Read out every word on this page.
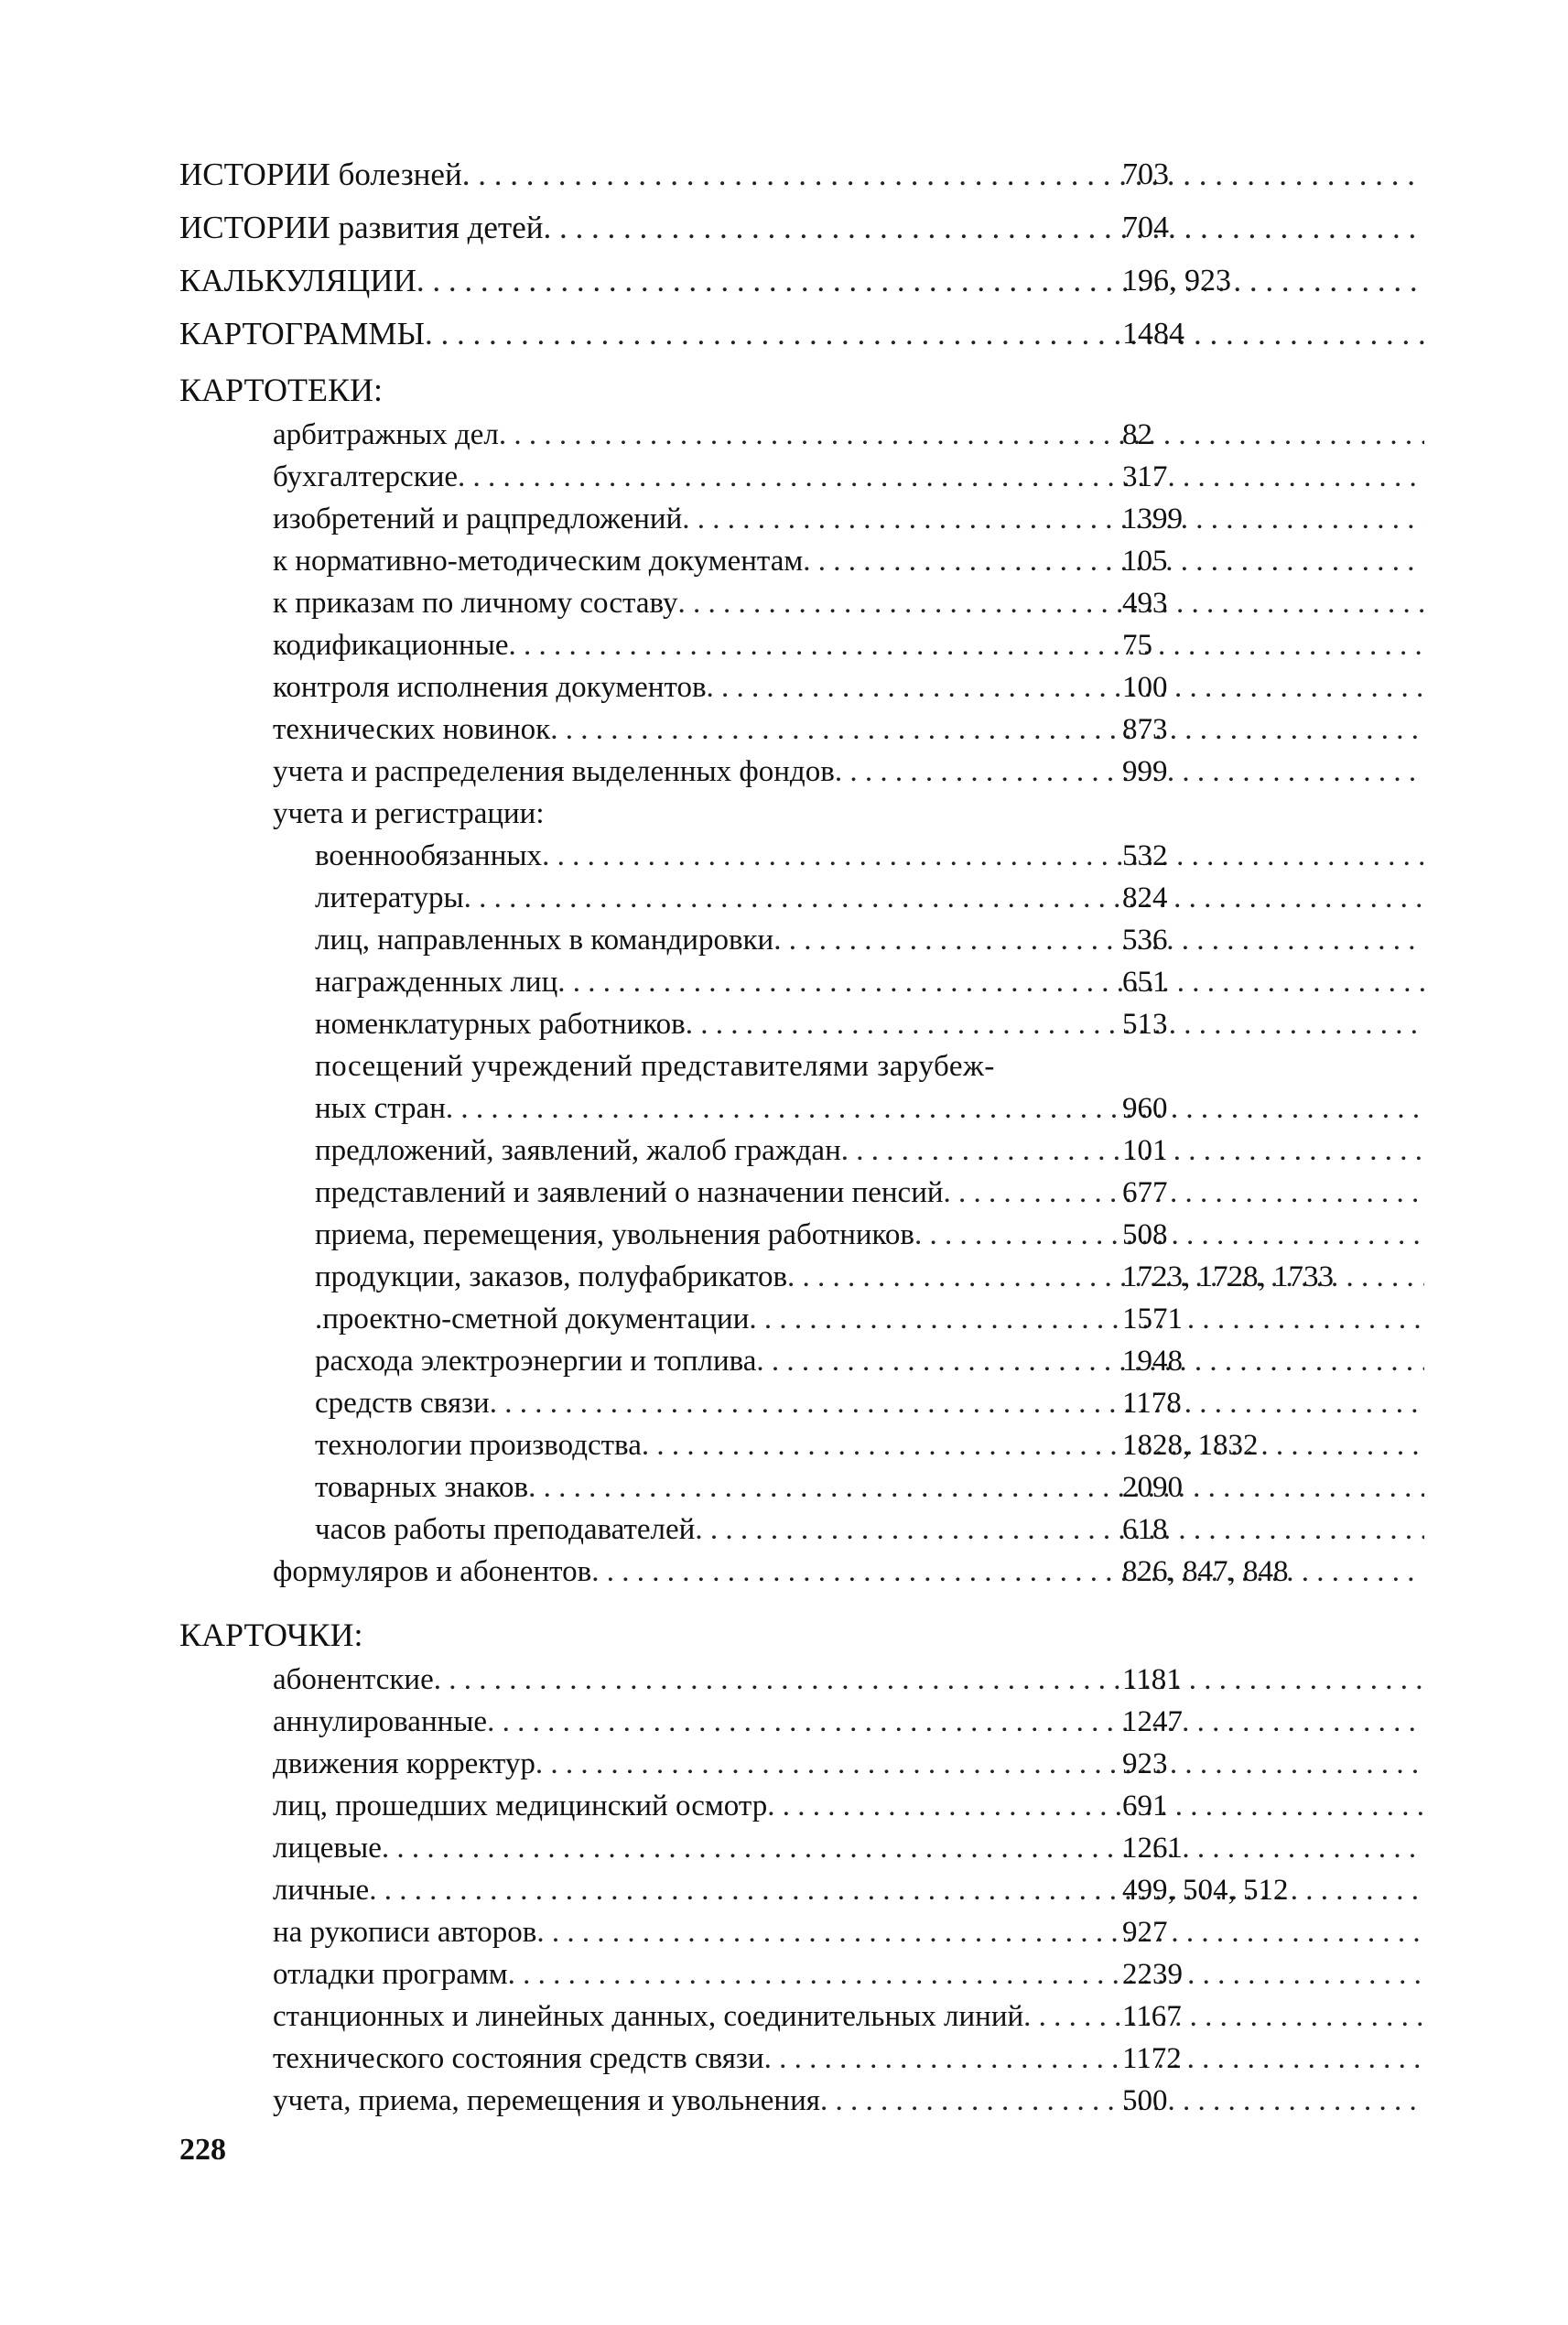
ИСТОРИИ болезней . . .	703
ИСТОРИИ развития детей . . .	704
КАЛЬКУЛЯЦИИ . . .	196, 923
КАРТОГРАММЫ . . .	1484
КАРТОТЕКИ:
арбитражных дел . . .	82
бухгалтерские . . .	317
изобретений и рацпредложений . . .	1399
к нормативно-методическим документам . . .	105
к приказам по личному составу . . .	493
кодификационные . . .	75
контроля исполнения документов . . .	100
технических новинок . . .	873
учета и распределения выделенных фондов . . .	999
учета и регистрации:
военнообязанных . . .	532
литературы . . .	824
лиц, направленных в командировки . . .	536
награжденных лиц . . .	651
номенклатурных работников . . .	513
посещений учреждений представителями зарубеж-
ных стран . . .	960
предложений, заявлений, жалоб граждан . . .	101
представлений и заявлений о назначении пенсий . . .	677
приема, перемещения, увольнения работников . . .	508
продукции, заказов, полуфабрикатов . . .	1723, 1728, 1733
.проектно-сметной документации . . .	1571
расхода электроэнергии и топлива . . .	1948
средств связи . . .	1178
технологии производства . . .	1828, 1832
товарных знаков . . .	2090
часов работы преподавателей . . .	618
формуляров и абонентов . . .	826, 847, 848
КАРТОЧКИ:
абонентские . . .	1181
аннулированные . . .	1247
движения корректур . . .	923
лиц, прошедших медицинский осмотр . . .	691
лицевые . . .	1261
личные . . .	499, 504, 512
на рукописи авторов . . .	927
отладки программ . . .	2239
станционных и линейных данных, соединительных линий . . .	1167
технического состояния средств связи . . .	1172
учета, приема, перемещения и увольнения . . .	500
228
